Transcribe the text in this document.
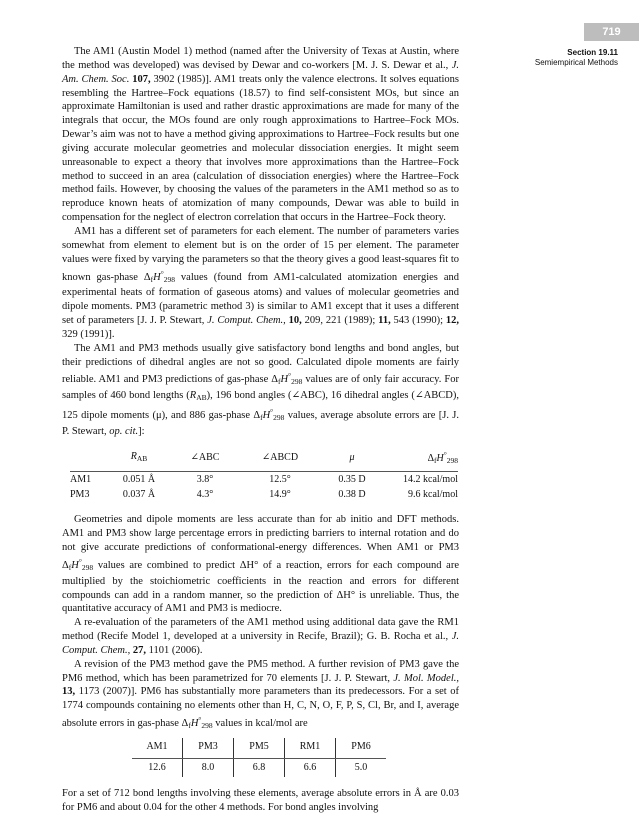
719
Section 19.11
Semiempirical Methods

The AM1 (Austin Model 1) method (named after the University of Texas at Austin, where the method was developed) was devised by Dewar and co-workers [M. J. S. Dewar et al., J. Am. Chem. Soc. 107, 3902 (1985)]. AM1 treats only the valence electrons. It solves equations resembling the Hartree–Fock equations (18.57) to find self-consistent MOs, but since an approximate Hamiltonian is used and rather drastic approximations are made for many of the integrals that occur, the MOs found are only rough approximations to Hartree–Fock MOs. Dewar’s aim was not to have a method giving approximations to Hartree–Fock results but one giving accurate molecular geometries and molecular dissociation energies. It might seem unreasonable to expect a theory that involves more approximations than the Hartree–Fock method to succeed in an area (calculation of dissociation energies) where the Hartree–Fock method fails. However, by choosing the values of the parameters in the AM1 method so as to reproduce known heats of atomization of many compounds, Dewar was able to build in compensation for the neglect of electron correlation that occurs in the Hartree–Fock theory.

AM1 has a different set of parameters for each element. The number of parameters varies somewhat from element to element but is on the order of 15 per element. The parameter values were fixed by varying the parameters so that the theory gives a good least-squares fit to known gas-phase $\Delta_fH^\circ_{298}$ values (found from AM1-calculated atomization energies and experimental heats of formation of gaseous atoms) and values of molecular geometries and dipole moments. PM3 (parametric method 3) is similar to AM1 except that it uses a different set of parameters [J. J. P. Stewart, J. Comput. Chem., 10, 209, 221 (1989); 11, 543 (1990); 12, 329 (1991)].

The AM1 and PM3 methods usually give satisfactory bond lengths and bond angles, but their predictions of dihedral angles are not so good. Calculated dipole moments are fairly reliable. AM1 and PM3 predictions of gas-phase $\Delta_fH^\circ_{298}$ values are of only fair accuracy. For samples of 460 bond lengths $(R_{AB})$, 196 bond angles (∠ABC), 16 dihedral angles (∠ABCD), 125 dipole moments (μ), and 886 gas-phase $\Delta_fH^\circ_{298}$ values, average absolute errors are [J. J. P. Stewart, op. cit.]:

	$R_{AB}$	∠ABC	∠ABCD	μ	$\Delta_fH^\circ_{298}$
AM1	0.051 Å	3.8°	12.5°	0.35 D	14.2 kcal/mol
PM3	0.037 Å	4.3°	14.9°	0.38 D	9.6 kcal/mol

Geometries and dipole moments are less accurate than for ab initio and DFT methods. AM1 and PM3 show large percentage errors in predicting barriers to internal rotation and do not give accurate predictions of conformational-energy differences. When AM1 or PM3 $\Delta_fH^\circ_{298}$ values are combined to predict ΔH° of a reaction, errors for each compound are multiplied by the stoichiometric coefficients in the reaction and errors for different compounds can add in a random manner, so the prediction of ΔH° is unreliable. Thus, the quantitative accuracy of AM1 and PM3 is mediocre.

A re-evaluation of the parameters of the AM1 method using additional data gave the RM1 method (Recife Model 1, developed at a university in Recife, Brazil); G. B. Rocha et al., J. Comput. Chem., 27, 1101 (2006).

A revision of the PM3 method gave the PM5 method. A further revision of PM3 gave the PM6 method, which has been parametrized for 70 elements [J. J. P. Stewart, J. Mol. Model., 13, 1173 (2007)]. PM6 has substantially more parameters than its predecessors. For a set of 1774 compounds containing no elements other than H, C, N, O, F, P, S, Cl, Br, and I, average absolute errors in gas-phase $\Delta_fH^\circ_{298}$ values in kcal/mol are

AM1	PM3	PM5	RM1	PM6
12.6	8.0	6.8	6.6	5.0

For a set of 712 bond lengths involving these elements, average absolute errors in Å are 0.03 for PM6 and about 0.04 for the other 4 methods. For bond angles involving
